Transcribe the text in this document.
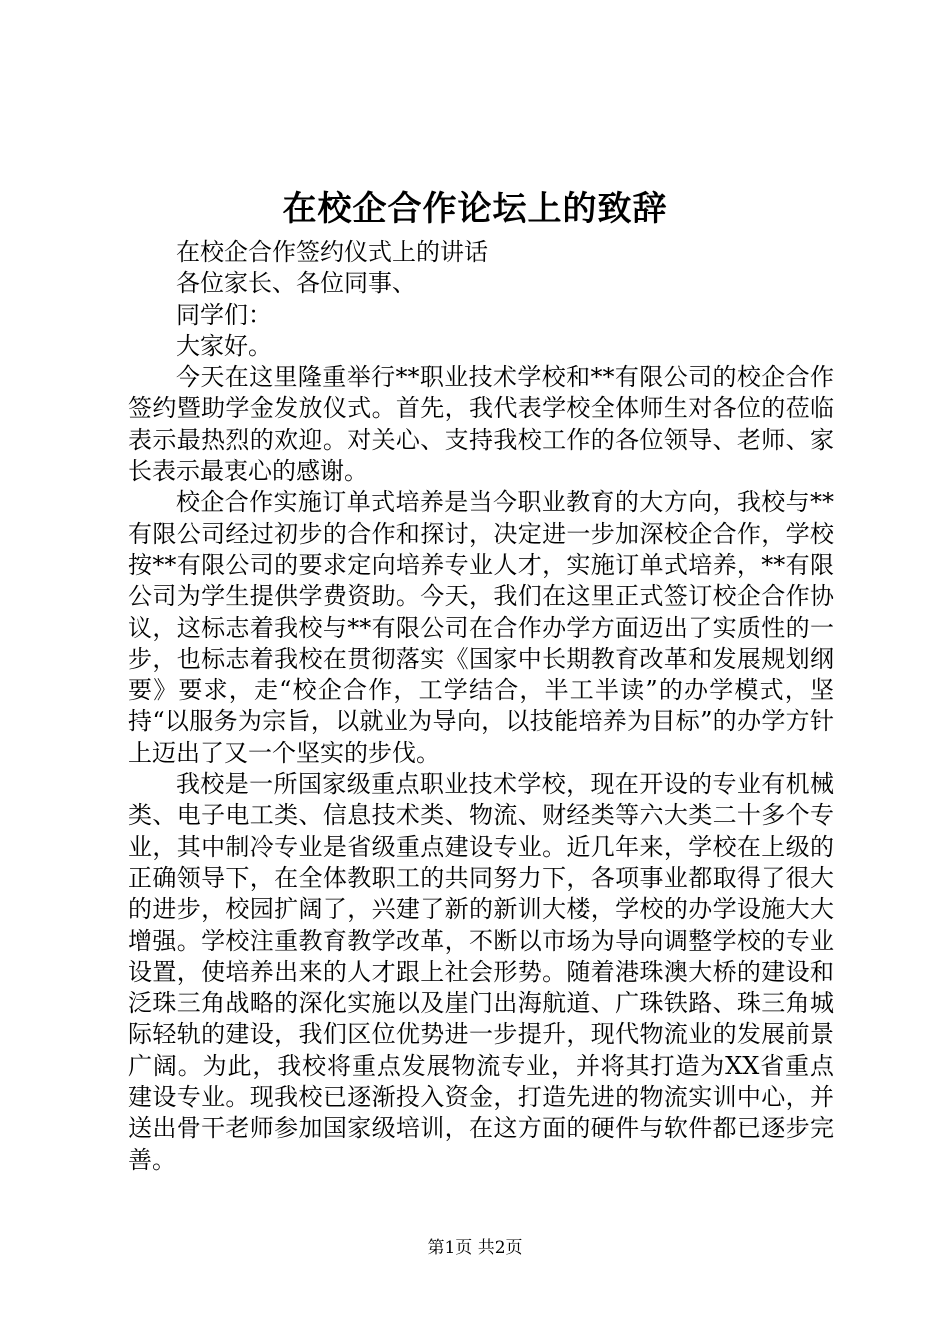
在校企合作论坛上的致辞

在校企合作签约仪式上的讲话

各位家长、各位同事、

同学们：

大家好。

今天在这里隆重举行**职业技术学校和**有限公司的校企合作签约暨助学金发放仪式。首先，我代表学校全体师生对各位的莅临表示最热烈的欢迎。对关心、支持我校工作的各位领导、老师、家长表示最衷心的感谢。

校企合作实施订单式培养是当今职业教育的大方向，我校与**有限公司经过初步的合作和探讨，决定进一步加深校企合作，学校按**有限公司的要求定向培养专业人才，实施订单式培养，**有限公司为学生提供学费资助。今天，我们在这里正式签订校企合作协议，这标志着我校与**有限公司在合作办学方面迈出了实质性的一步，也标志着我校在贯彻落实《国家中长期教育改革和发展规划纲要》要求，走“校企合作，工学结合，半工半读”的办学模式，坚持“以服务为宗旨，以就业为导向，以技能培养为目标”的办学方针上迈出了又一个坚实的步伐。

我校是一所国家级重点职业技术学校，现在开设的专业有机械类、电子电工类、信息技术类、物流、财经类等六大类二十多个专业，其中制冷专业是省级重点建设专业。近几年来，学校在上级的正确领导下，在全体教职工的共同努力下，各项事业都取得了很大的进步，校园扩阔了，兴建了新的新训大楼，学校的办学设施大大增强。学校注重教育教学改革，不断以市场为导向调整学校的专业设置，使培养出来的人才跟上社会形势。随着港珠澳大桥的建设和泛珠三角战略的深化实施以及崖门出海航道、广珠铁路、珠三角城际轻轨的建设，我们区位优势进一步提升，现代物流业的发展前景广阔。为此，我校将重点发展物流专业，并将其打造为XX省重点建设专业。现我校已逐渐投入资金，打造先进的物流实训中心，并送出骨干老师参加国家级培训，在这方面的硬件与软件都已逐步完善。

第1页 共2页
